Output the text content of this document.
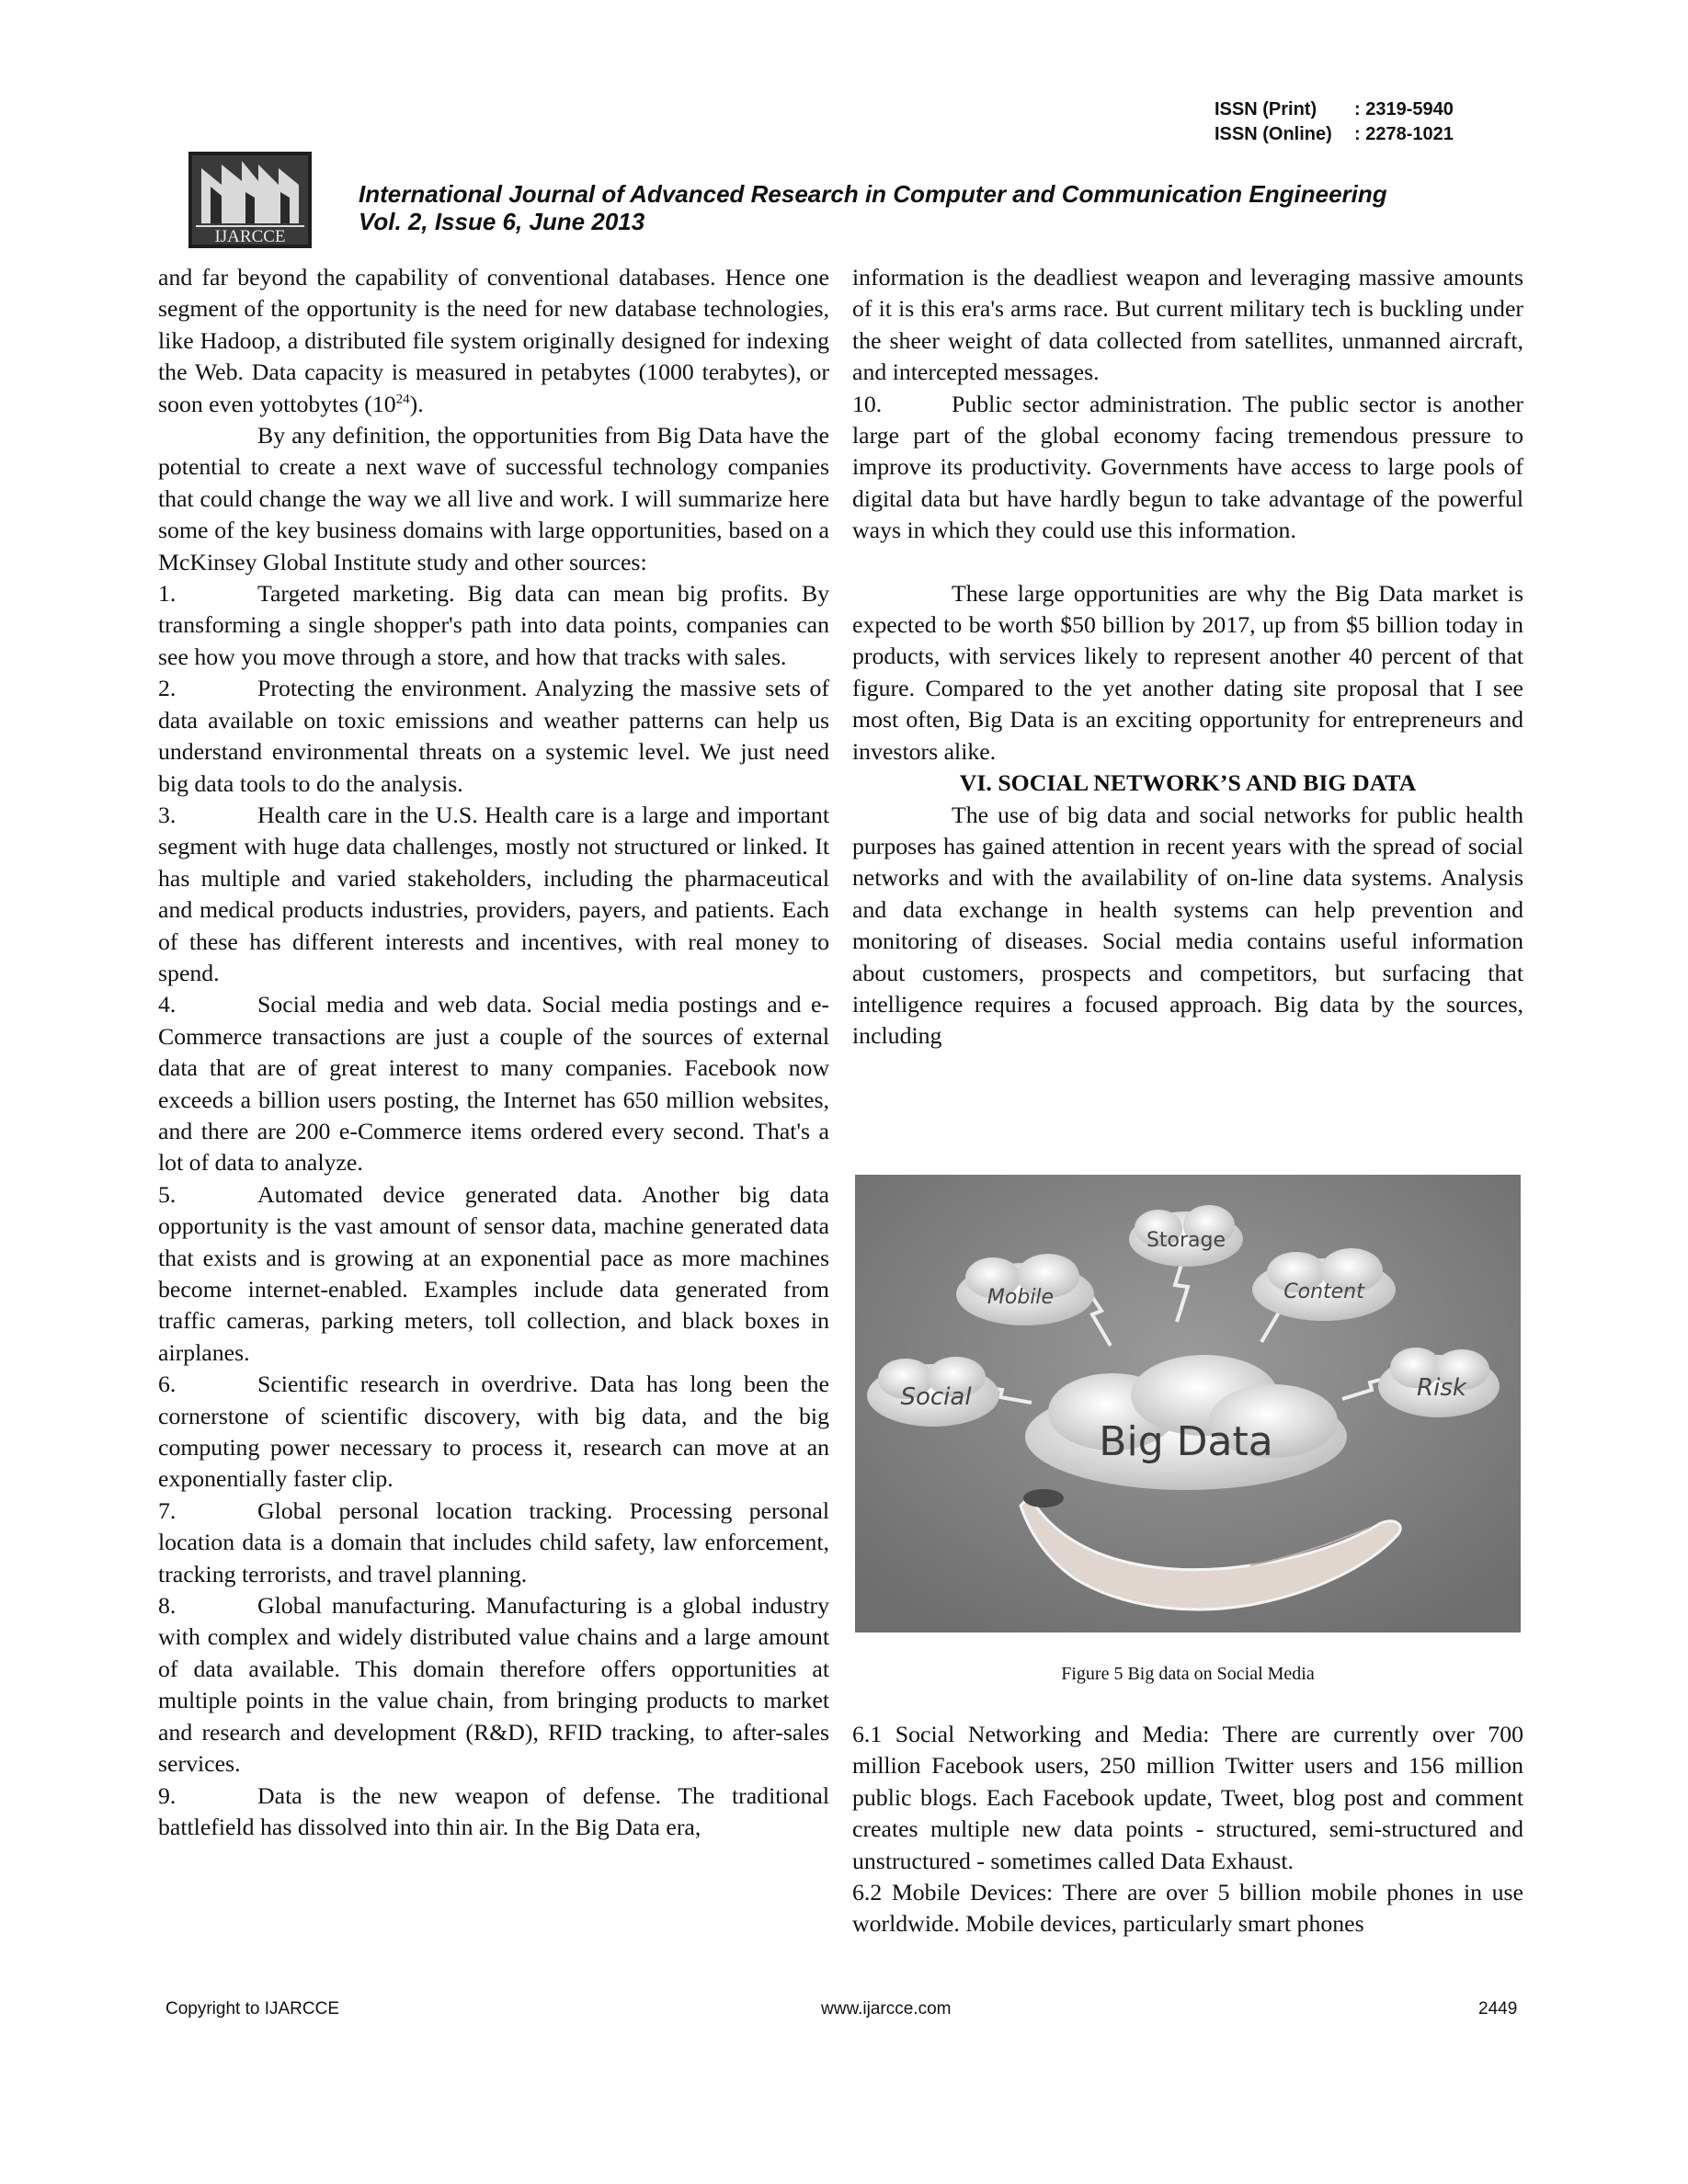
ISSN (Print)	: 2319-5940
ISSN (Online)	: 2278-1021
IJARCCE
International Journal of Advanced Research in Computer and Communication Engineering
Vol. 2, Issue 6, June 2013

and far beyond the capability of conventional databases. Hence one segment of the opportunity is the need for new database technologies, like Hadoop, a distributed file system originally designed for indexing the Web. Data capacity is measured in petabytes (1000 terabytes), or soon even yottobytes $(10^{24})$.

By any definition, the opportunities from Big Data have the potential to create a next wave of successful technology companies that could change the way we all live and work. I will summarize here some of the key business domains with large opportunities, based on a McKinsey Global Institute study and other sources:

1.	Targeted marketing. Big data can mean big profits. By transforming a single shopper's path into data points, companies can see how you move through a store, and how that tracks with sales.

2.	Protecting the environment. Analyzing the massive sets of data available on toxic emissions and weather patterns can help us understand environmental threats on a systemic level. We just need big data tools to do the analysis.

3.	Health care in the U.S. Health care is a large and important segment with huge data challenges, mostly not structured or linked. It has multiple and varied stakeholders, including the pharmaceutical and medical products industries, providers, payers, and patients. Each of these has different interests and incentives, with real money to spend.

4.	Social media and web data. Social media postings and e-Commerce transactions are just a couple of the sources of external data that are of great interest to many companies. Facebook now exceeds a billion users posting, the Internet has 650 million websites, and there are 200 e-Commerce items ordered every second. That's a lot of data to analyze.

5.	Automated device generated data. Another big data opportunity is the vast amount of sensor data, machine generated data that exists and is growing at an exponential pace as more machines become internet-enabled. Examples include data generated from traffic cameras, parking meters, toll collection, and black boxes in airplanes.

6.	Scientific research in overdrive. Data has long been the cornerstone of scientific discovery, with big data, and the big computing power necessary to process it, research can move at an exponentially faster clip.

7.	Global personal location tracking. Processing personal location data is a domain that includes child safety, law enforcement, tracking terrorists, and travel planning.

8.	Global manufacturing. Manufacturing is a global industry with complex and widely distributed value chains and a large amount of data available. This domain therefore offers opportunities at multiple points in the value chain, from bringing products to market and research and development (R&D), RFID tracking, to after-sales services.

9.	Data is the new weapon of defense. The traditional battlefield has dissolved into thin air. In the Big Data era,

information is the deadliest weapon and leveraging massive amounts of it is this era's arms race. But current military tech is buckling under the sheer weight of data collected from satellites, unmanned aircraft, and intercepted messages.

10.	Public sector administration. The public sector is another large part of the global economy facing tremendous pressure to improve its productivity. Governments have access to large pools of digital data but have hardly begun to take advantage of the powerful ways in which they could use this information.

These large opportunities are why the Big Data market is expected to be worth $50 billion by 2017, up from $5 billion today in products, with services likely to represent another 40 percent of that figure. Compared to the yet another dating site proposal that I see most often, Big Data is an exciting opportunity for entrepreneurs and investors alike.

VI. SOCIAL NETWORK’S AND BIG DATA

The use of big data and social networks for public health purposes has gained attention in recent years with the spread of social networks and with the availability of on-line data systems. Analysis and data exchange in health systems can help prevention and monitoring of diseases. Social media contains useful information about customers, prospects and competitors, but surfacing that intelligence requires a focused approach. Big data by the sources, including

Storage
Mobile	Content
Social	Risk
Big Data
Figure 5 Big data on Social Media

6.1 Social Networking and Media: There are currently over 700 million Facebook users, 250 million Twitter users and 156 million public blogs. Each Facebook update, Tweet, blog post and comment creates multiple new data points - structured, semi-structured and unstructured - sometimes called Data Exhaust.

6.2 Mobile Devices: There are over 5 billion mobile phones in use worldwide. Mobile devices, particularly smart phones

Copyright to IJARCCE	www.ijarcce.com	2449
